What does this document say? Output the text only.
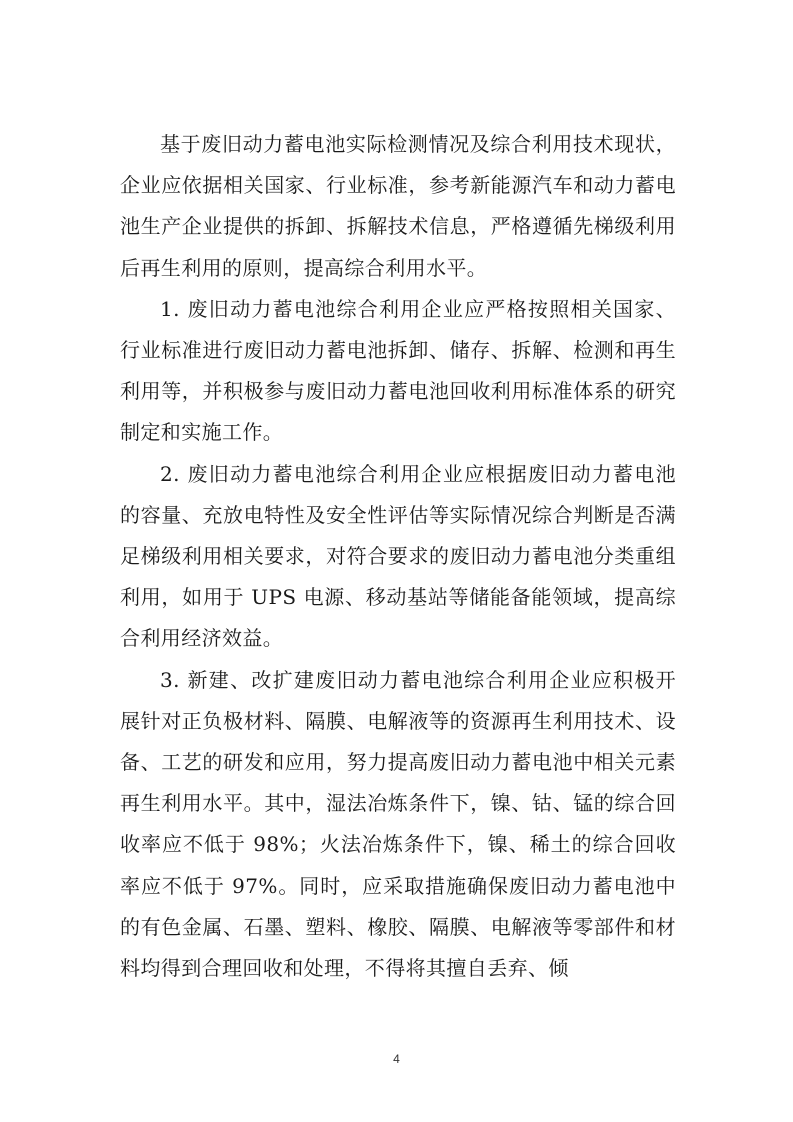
基于废旧动力蓄电池实际检测情况及综合利用技术现状，企业应依据相关国家、行业标准，参考新能源汽车和动力蓄电池生产企业提供的拆卸、拆解技术信息，严格遵循先梯级利用后再生利用的原则，提高综合利用水平。

1. 废旧动力蓄电池综合利用企业应严格按照相关国家、行业标准进行废旧动力蓄电池拆卸、储存、拆解、检测和再生利用等，并积极参与废旧动力蓄电池回收利用标准体系的研究制定和实施工作。

2. 废旧动力蓄电池综合利用企业应根据废旧动力蓄电池的容量、充放电特性及安全性评估等实际情况综合判断是否满足梯级利用相关要求，对符合要求的废旧动力蓄电池分类重组利用，如用于 UPS 电源、移动基站等储能备能领域，提高综合利用经济效益。

3. 新建、改扩建废旧动力蓄电池综合利用企业应积极开展针对正负极材料、隔膜、电解液等的资源再生利用技术、设备、工艺的研发和应用，努力提高废旧动力蓄电池中相关元素再生利用水平。其中，湿法冶炼条件下，镍、钴、锰的综合回收率应不低于 98%；火法冶炼条件下，镍、稀土的综合回收率应不低于 97%。同时，应采取措施确保废旧动力蓄电池中的有色金属、石墨、塑料、橡胶、隔膜、电解液等零部件和材料均得到合理回收和处理，不得将其擅自丢弃、倾

4
